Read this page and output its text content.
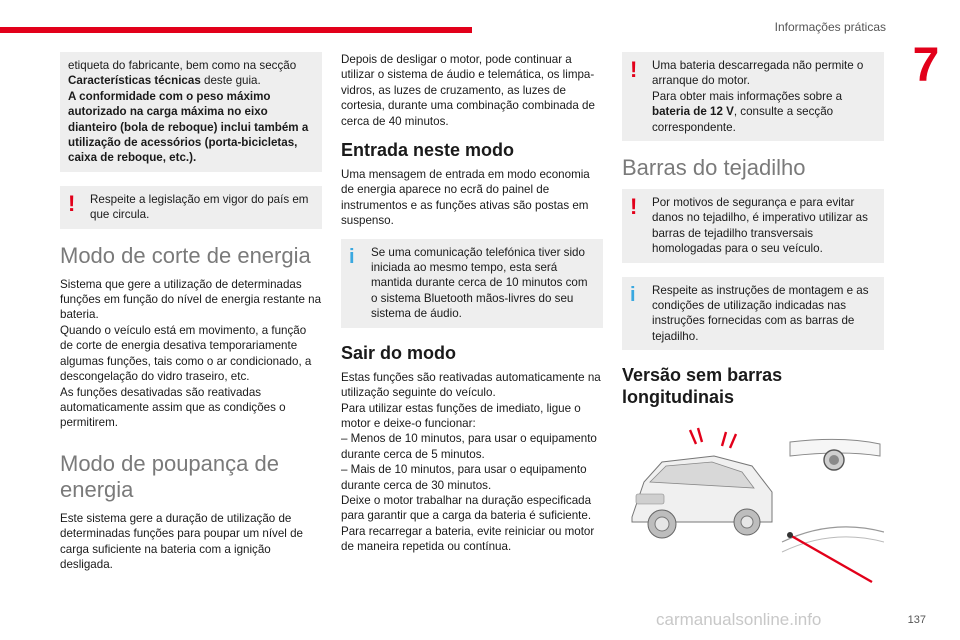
Informações práticas
7

etiqueta do fabricante, bem como na secção Características técnicas deste guia.

A conformidade com o peso máximo autorizado na carga máxima no eixo dianteiro (bola de reboque) inclui também a utilização de acessórios (porta-bicicletas, caixa de reboque, etc.).

! Respeite a legislação em vigor do país em que circula.

Modo de corte de energia

Sistema que gere a utilização de determinadas funções em função do nível de energia restante na bateria.

Quando o veículo está em movimento, a função de corte de energia desativa temporariamente algumas funções, tais como o ar condicionado, a descongelação do vidro traseiro, etc.

As funções desativadas são reativadas automaticamente assim que as condições o permitirem.

Modo de poupança de energia

Este sistema gere a duração de utilização de determinadas funções para poupar um nível de carga suficiente na bateria com a ignição desligada.

Depois de desligar o motor, pode continuar a utilizar o sistema de áudio e telemática, os limpa-vidros, as luzes de cruzamento, as luzes de cortesia, durante uma combinação combinada de cerca de 40 minutos.

Entrada neste modo

Uma mensagem de entrada em modo economia de energia aparece no ecrã do painel de instrumentos e as funções ativas são postas em suspenso.

i Se uma comunicação telefónica tiver sido iniciada ao mesmo tempo, esta será mantida durante cerca de 10 minutos com o sistema Bluetooth mãos-livres do seu sistema de áudio.

Sair do modo

Estas funções são reativadas automaticamente na utilização seguinte do veículo.

Para utilizar estas funções de imediato, ligue o motor e deixe-o funcionar:

– Menos de 10 minutos, para usar o equipamento durante cerca de 5 minutos.

– Mais de 10 minutos, para usar o equipamento durante cerca de 30 minutos.

Deixe o motor trabalhar na duração especificada para garantir que a carga da bateria é suficiente.

Para recarregar a bateria, evite reiniciar ou motor de maneira repetida ou contínua.

! Uma bateria descarregada não permite o arranque do motor.

Para obter mais informações sobre a bateria de 12 V, consulte a secção correspondente.

Barras do tejadilho
! Por motivos de segurança e para evitar danos no tejadilho, é imperativo utilizar as barras de tejadilho transversais homologadas para o seu veículo.

i Respeite as instruções de montagem e as condições de utilização indicadas nas instruções fornecidas com as barras de tejadilho.

Versão sem barras longitudinais
137
carmanualsonline.info
